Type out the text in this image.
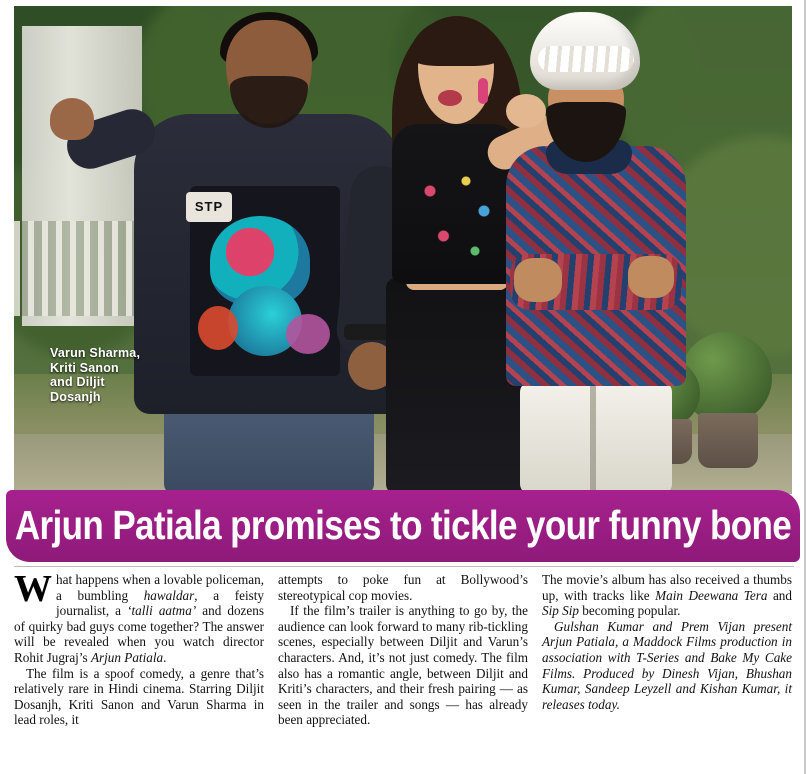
STP
Varun Sharma, Kriti Sanon and Diljit Dosanjh
Arjun Patiala promises to tickle your funny bone

What happens when a lovable policeman, a bumbling hawaldar, a feisty journalist, a ‘talli aatma’ and dozens of quirky bad guys come together? The answer will be revealed when you watch director Rohit Jugraj’s Arjun Patiala.

The film is a spoof comedy, a genre that’s relatively rare in Hindi cinema. Starring Diljit Dosanjh, Kriti Sanon and Varun Sharma in lead roles, it

attempts to poke fun at Bollywood’s stereotypical cop movies.

If the film’s trailer is anything to go by, the audience can look forward to many rib-tickling scenes, especially between Diljit and Varun’s characters. And, it’s not just comedy. The film also has a romantic angle, between Diljit and Kriti’s characters, and their fresh pairing — as seen in the trailer and songs — has already been appreciated.

The movie’s album has also received a thumbs up, with tracks like Main Deewana Tera and Sip Sip becoming popular.

Gulshan Kumar and Prem Vijan present Arjun Patiala, a Maddock Films production in association with T-Series and Bake My Cake Films. Produced by Dinesh Vijan, Bhushan Kumar, Sandeep Leyzell and Kishan Kumar, it releases today.
